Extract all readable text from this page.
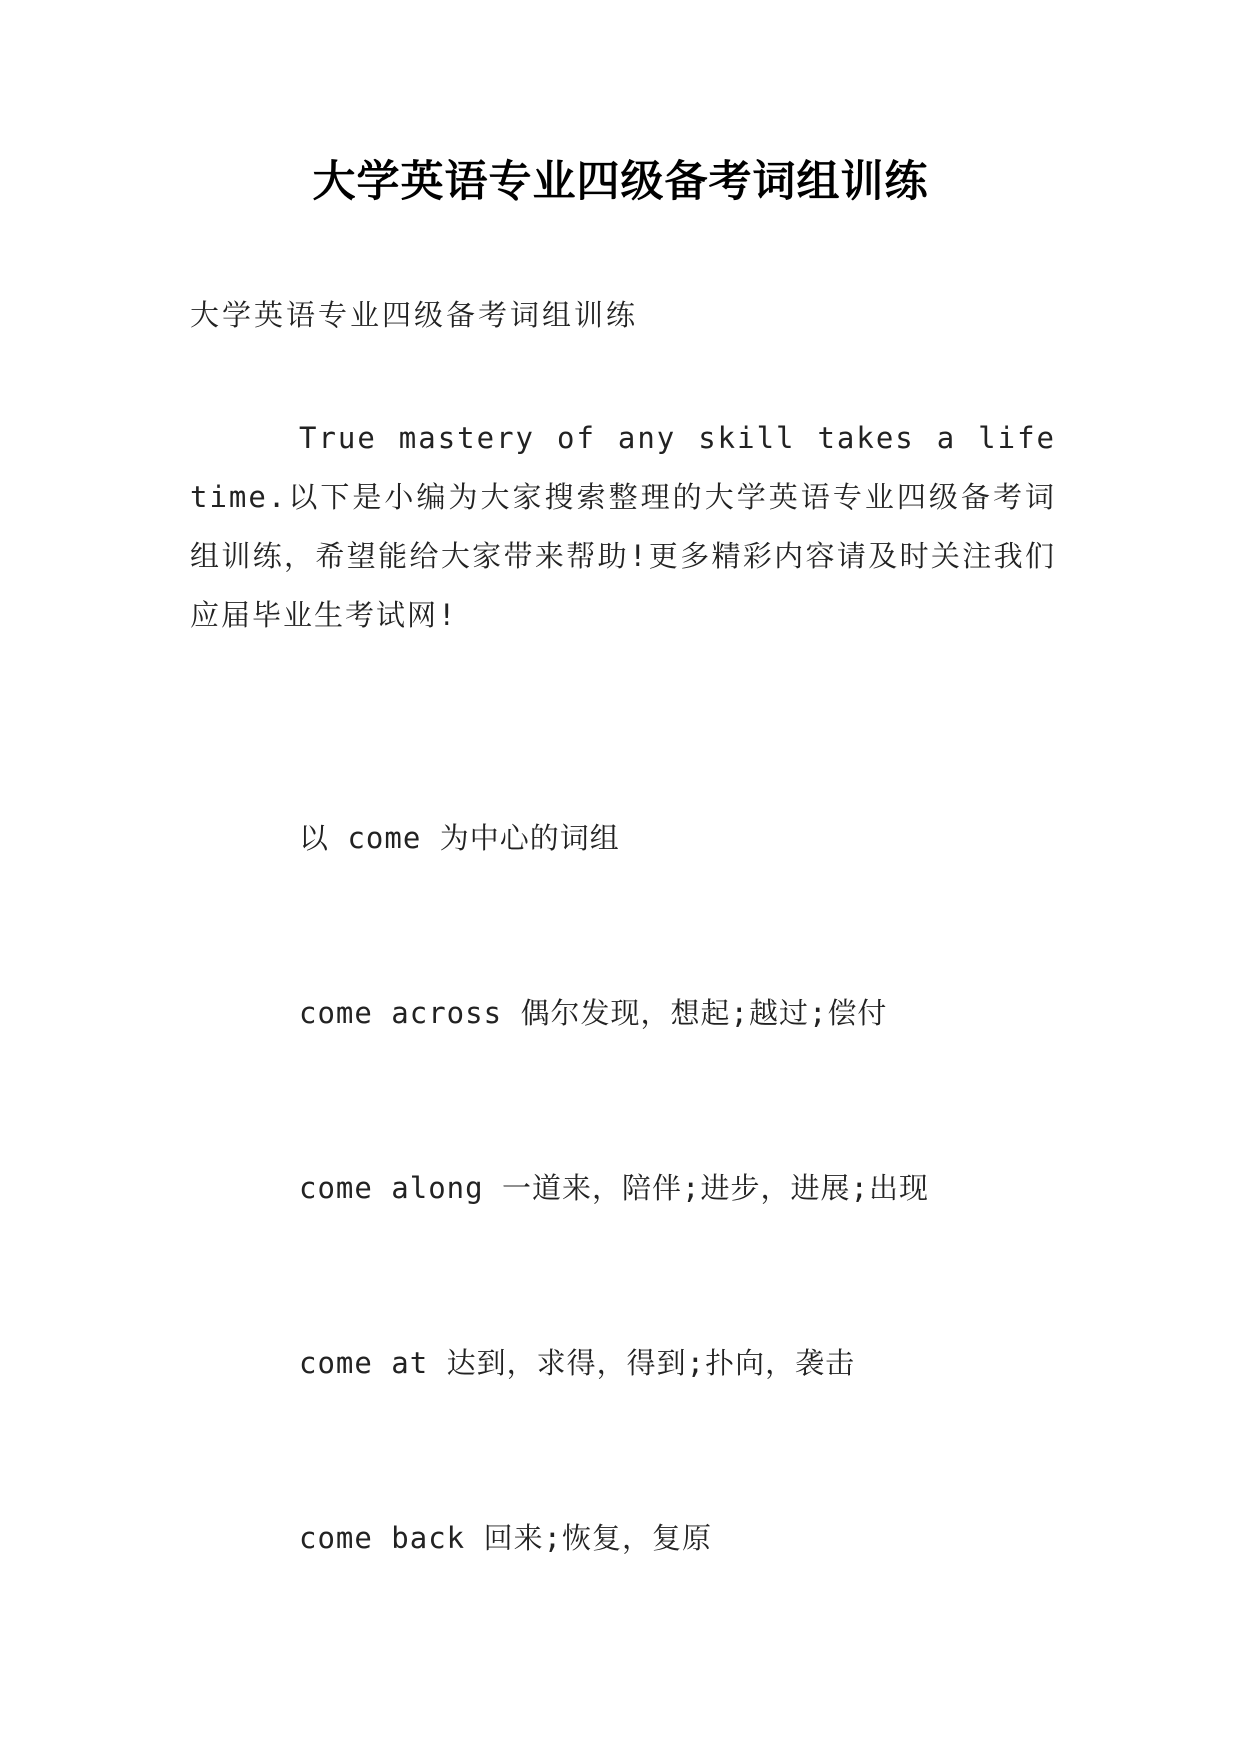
大学英语专业四级备考词组训练

大学英语专业四级备考词组训练

True mastery of any skill takes a lifetime.以下是小编为大家搜索整理的大学英语专业四级备考词组训练，希望能给大家带来帮助!更多精彩内容请及时关注我们应届毕业生考试网!

以 come 为中心的词组

come across 偶尔发现，想起;越过;偿付

come along 一道来，陪伴;进步，进展;出现

come at 达到，求得，得到;扑向，袭击

come back 回来;恢复，复原
